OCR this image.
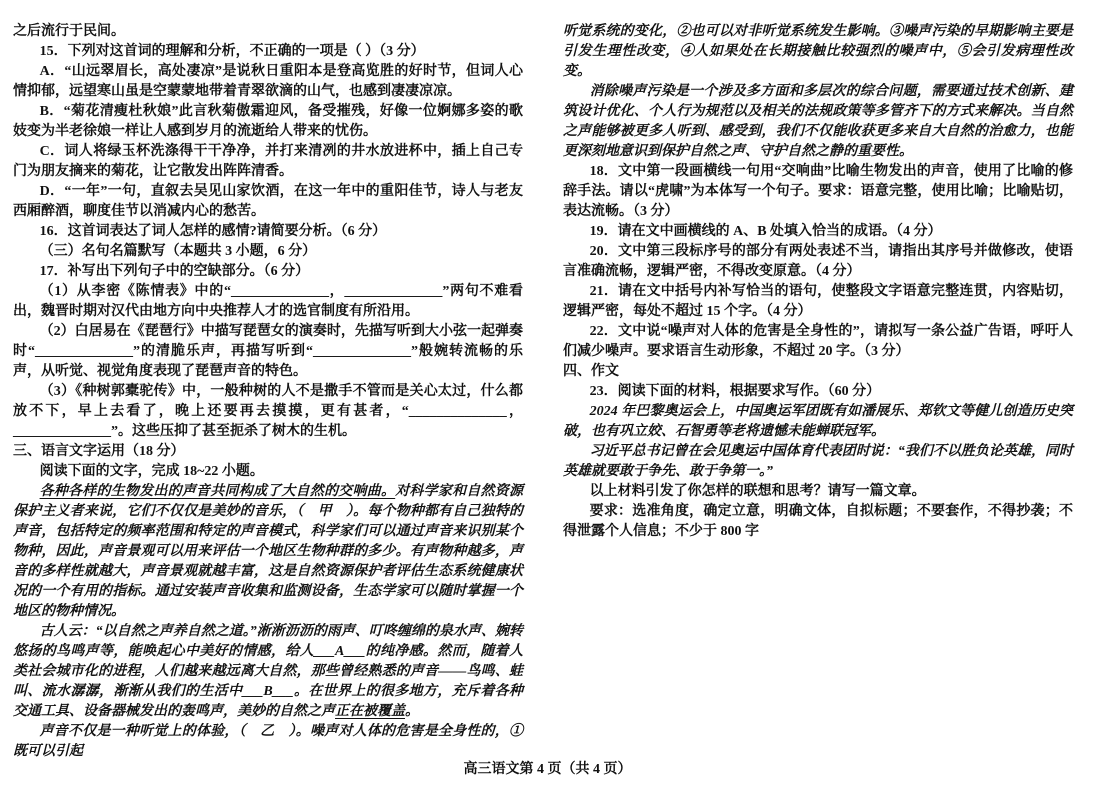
之后流行于民间。

15．下列对这首词的理解和分析，不正确的一项是（ ）（3 分）

A．“山远翠眉长，高处凄凉”是说秋日重阳本是登高览胜的好时节，但词人心情抑郁，远望寒山虽是空蒙蒙地带着青翠欲滴的山气，也感到凄凄凉凉。

B．“菊花清瘦杜秋娘”此言秋菊傲霜迎风，备受摧残，好像一位婀娜多姿的歌妓变为半老徐娘一样让人感到岁月的流逝给人带来的忧伤。

C．词人将绿玉杯洗涤得干干净净，并打来清冽的井水放进杯中，插上自己专门为朋友摘来的菊花，让它散发出阵阵清香。

D．“一年”一句，直叙去吴见山家饮酒，在这一年中的重阳佳节，诗人与老友西厢醉酒，聊度佳节以消减内心的愁苦。

16．这首词表达了词人怎样的感情?请简要分析。（6 分）

（三）名句名篇默写（本题共 3 小题，6 分）

17．补写出下列句子中的空缺部分。（6 分）

（1）从李密《陈情表》中的“______________，______________”两句不难看出，魏晋时期对汉代由地方向中央推荐人才的选官制度有所沿用。

（2）白居易在《琵琶行》中描写琵琶女的演奏时，先描写听到大小弦一起弹奏时“______________”的清脆乐声，再描写听到“______________”般婉转流畅的乐声，从听觉、视觉角度表现了琵琶声音的特色。

（3）《种树郭橐驼传》中，一般种树的人不是撒手不管而是关心太过，什么都放不下，早上去看了，晚上还要再去摸摸，更有甚者，“______________，______________”。这些压抑了甚至扼杀了树木的生机。

三、语言文字运用（18 分）

阅读下面的文字，完成 18~22 小题。

各种各样的生物发出的声音共同构成了大自然的交响曲。对科学家和自然资源保护主义者来说，它们不仅仅是美妙的音乐，（　甲　）。每个物种都有自己独特的声音，包括特定的频率范围和特定的声音模式，科学家们可以通过声音来识别某个物种，因此，声音景观可以用来评估一个地区生物种群的多少。有声物种越多，声音的多样性就越大，声音景观就越丰富，这是自然资源保护者评估生态系统健康状况的一个有用的指标。通过安装声音收集和监测设备，生态学家可以随时掌握一个地区的物种情况。

古人云：“以自然之声养自然之道。”淅淅沥沥的雨声、叮咚缠绵的泉水声、婉转悠扬的鸟鸣声等，能唤起心中美好的情感，给人___A___的纯净感。然而，随着人类社会城市化的进程，人们越来越远离大自然，那些曾经熟悉的声音——鸟鸣、蛙叫、流水潺潺，渐渐从我们的生活中___B___。在世界上的很多地方，充斥着各种交通工具、设备器械发出的轰鸣声，美妙的自然之声正在被覆盖。

声音不仅是一种听觉上的体验，（　乙　）。噪声对人体的危害是全身性的，①既可以引起

听觉系统的变化，②也可以对非听觉系统发生影响。③噪声污染的早期影响主要是引发生理性改变，④人如果处在长期接触比较强烈的噪声中，⑤会引发病理性改变。

消除噪声污染是一个涉及多方面和多层次的综合问题，需要通过技术创新、建筑设计优化、个人行为规范以及相关的法规政策等多管齐下的方式来解决。当自然之声能够被更多人听到、感受到，我们不仅能收获更多来自大自然的治愈力，也能更深刻地意识到保护自然之声、守护自然之静的重要性。

18．文中第一段画横线一句用“交响曲”比喻生物发出的声音，使用了比喻的修辞手法。请以“虎啸”为本体写一个句子。要求：语意完整，使用比喻；比喻贴切，表达流畅。（3 分）

19．请在文中画横线的 A、B 处填入恰当的成语。（4 分）

20．文中第三段标序号的部分有两处表述不当，请指出其序号并做修改，使语言准确流畅，逻辑严密，不得改变原意。（4 分）

21．请在文中括号内补写恰当的语句，使整段文字语意完整连贯，内容贴切，逻辑严密，每处不超过 15 个字。（4 分）

22．文中说“噪声对人体的危害是全身性的”，请拟写一条公益广告语，呼吁人们减少噪声。要求语言生动形象，不超过 20 字。（3 分）

四、作文

23．阅读下面的材料，根据要求写作。（60 分）

2024 年巴黎奥运会上，中国奥运军团既有如潘展乐、郑钦文等健儿创造历史突破，也有巩立姣、石智勇等老将遗憾未能蝉联冠军。

习近平总书记曾在会见奥运中国体育代表团时说：“我们不以胜负论英雄，同时英雄就要敢于争先、敢于争第一。”

以上材料引发了你怎样的联想和思考？请写一篇文章。

要求：选准角度，确定立意，明确文体，自拟标题；不要套作，不得抄袭；不得泄露个人信息；不少于 800 字

高三语文第 4 页（共 4 页）
